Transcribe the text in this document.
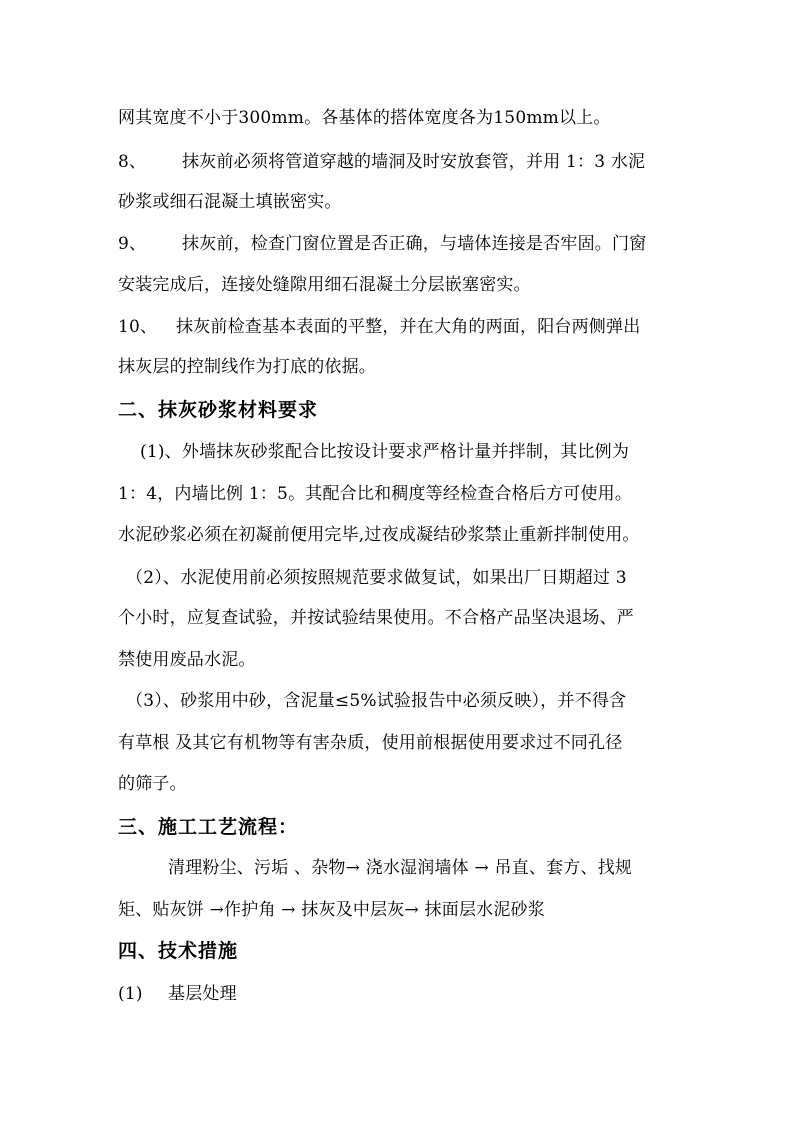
网其宽度不小于300mm。各基体的搭体宽度各为150mm以上。
8、 抹灰前必须将管道穿越的墙洞及时安放套管，并用 1：3 水泥
砂浆或细石混凝土填嵌密实。
9、 抹灰前，检查门窗位置是否正确，与墙体连接是否牢固。门窗
安装完成后，连接处缝隙用细石混凝土分层嵌塞密实。
10、 抹灰前检查基本表面的平整，并在大角的两面，阳台两侧弹出
抹灰层的控制线作为打底的依据。
二、抹灰砂浆材料要求
(1)、外墙抹灰砂浆配合比按设计要求严格计量并拌制，其比例为
1：4，内墙比例 1：5。其配合比和稠度等经检查合格后方可使用。
水泥砂浆必须在初凝前便用完毕,过夜成凝结砂浆禁止重新拌制使用。
（2）、水泥使用前必须按照规范要求做复试，如果出厂日期超过 3
个小时，应复查试验，并按试验结果使用。不合格产品坚决退场、严
禁使用废品水泥。
（3）、砂浆用中砂，含泥量≤5%试验报告中必须反映），并不得含
有草根 及其它有机物等有害杂质，使用前根据使用要求过不同孔径
的筛子。
三、施工工艺流程：
清理粉尘、污垢 、杂物→ 浇水湿润墙体 → 吊直、套方、找规
矩、贴灰饼 →作护角 → 抹灰及中层灰→ 抹面层水泥砂浆
四、技术措施
(1) 基层处理
